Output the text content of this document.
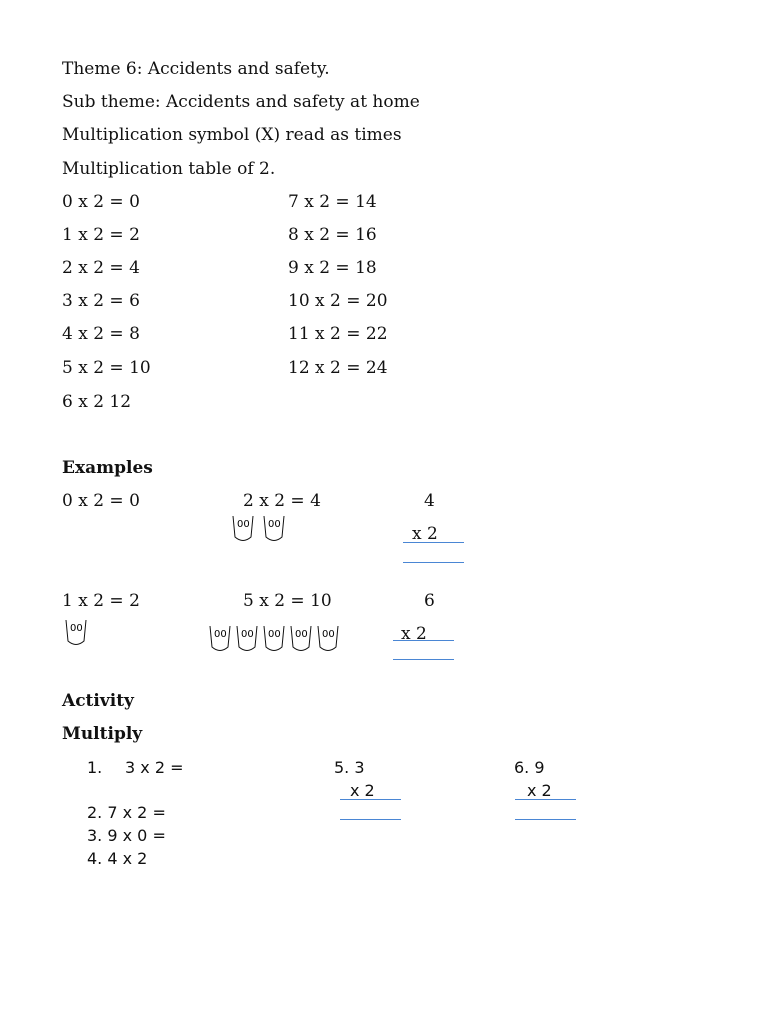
Theme 6: Accidents and safety.
Sub theme: Accidents and safety at home
Multiplication symbol (X) read as times
Multiplication table of 2.
0 x 2 = 0
1 x 2 = 2
2 x 2 = 4
3 x 2 = 6
4 x 2 = 8
5 x 2 = 10
6 x 2 12
7 x 2 = 14
8 x 2 = 16
9 x 2 = 18
10 x 2 = 20
11 x 2 = 22
12 x 2 = 24
Examples
0 x 2 = 0	2 x 2 = 4	4
x 2
00 00
1 x 2 = 2	5 x 2 = 10	6
x 2
00
00 00 00 00 00
Activity
Multiply
1. 3 x 2 =
2. 7 x 2 =
3. 9 x 0 =
4. 4 x 2
5. 3
x 2
6. 9
x 2
